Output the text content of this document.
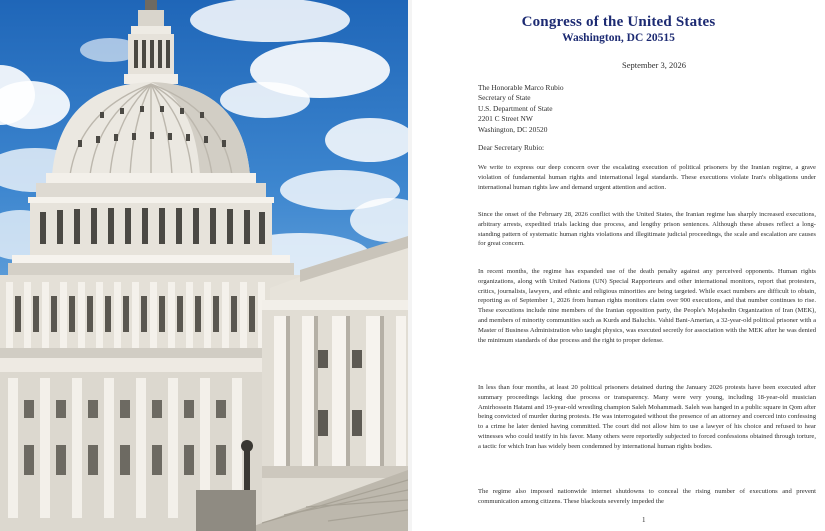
Congress of the United States
Washington, DC 20515
September 3, 2026
The Honorable Marco Rubio
Secretary of State
U.S. Department of State
2201 C Street NW
Washington, DC 20520
Dear Secretary Rubio:
We write to express our deep concern over the escalating execution of political prisoners by the Iranian regime, a grave violation of fundamental human rights and international legal standards. These executions violate Iran's obligations under international human rights law and demand urgent attention and action.
Since the onset of the February 28, 2026 conflict with the United States, the Iranian regime has sharply increased executions, arbitrary arrests, expedited trials lacking due process, and lengthy prison sentences. Although these abuses reflect a long-standing pattern of systematic human rights violations and illegitimate judicial proceedings, the scale and escalation are causes for great concern.
In recent months, the regime has expanded use of the death penalty against any perceived opponents. Human rights organizations, along with United Nations (UN) Special Rapporteurs and other international monitors, report that protesters, critics, journalists, lawyers, and ethnic and religious minorities are being targeted. While exact numbers are difficult to obtain, reporting as of September 1, 2026 from human rights monitors claim over 900 executions, and that number continues to rise. These executions include nine members of the Iranian opposition party, the People's Mojahedin Organization of Iran (MEK), and members of minority communities such as Kurds and Baluchis. Vahid Bani-Amerian, a 32-year-old political prisoner with a Master of Business Administration who taught physics, was executed secretly for association with the MEK after he was denied the minimum standards of due process and the right to proper defense.
In less than four months, at least 20 political prisoners detained during the January 2026 protests have been executed after summary proceedings lacking due process or transparency. Many were very young, including 18-year-old musician Amirhossein Hatami and 19-year-old wrestling champion Saleh Mohammadi. Saleh was hanged in a public square in Qom after being convicted of murder during protests. He was interrogated without the presence of an attorney and coerced into confessing to a crime he later denied having committed. The court did not allow him to use a lawyer of his choice and refused to hear witnesses who could testify in his favor. Many others were reportedly subjected to forced confessions obtained through torture, a tactic for which Iran has widely been condemned by international human rights bodies.
The regime also imposed nationwide internet shutdowns to conceal the rising number of executions and prevent communication among citizens. These blackouts severely impeded the
1
